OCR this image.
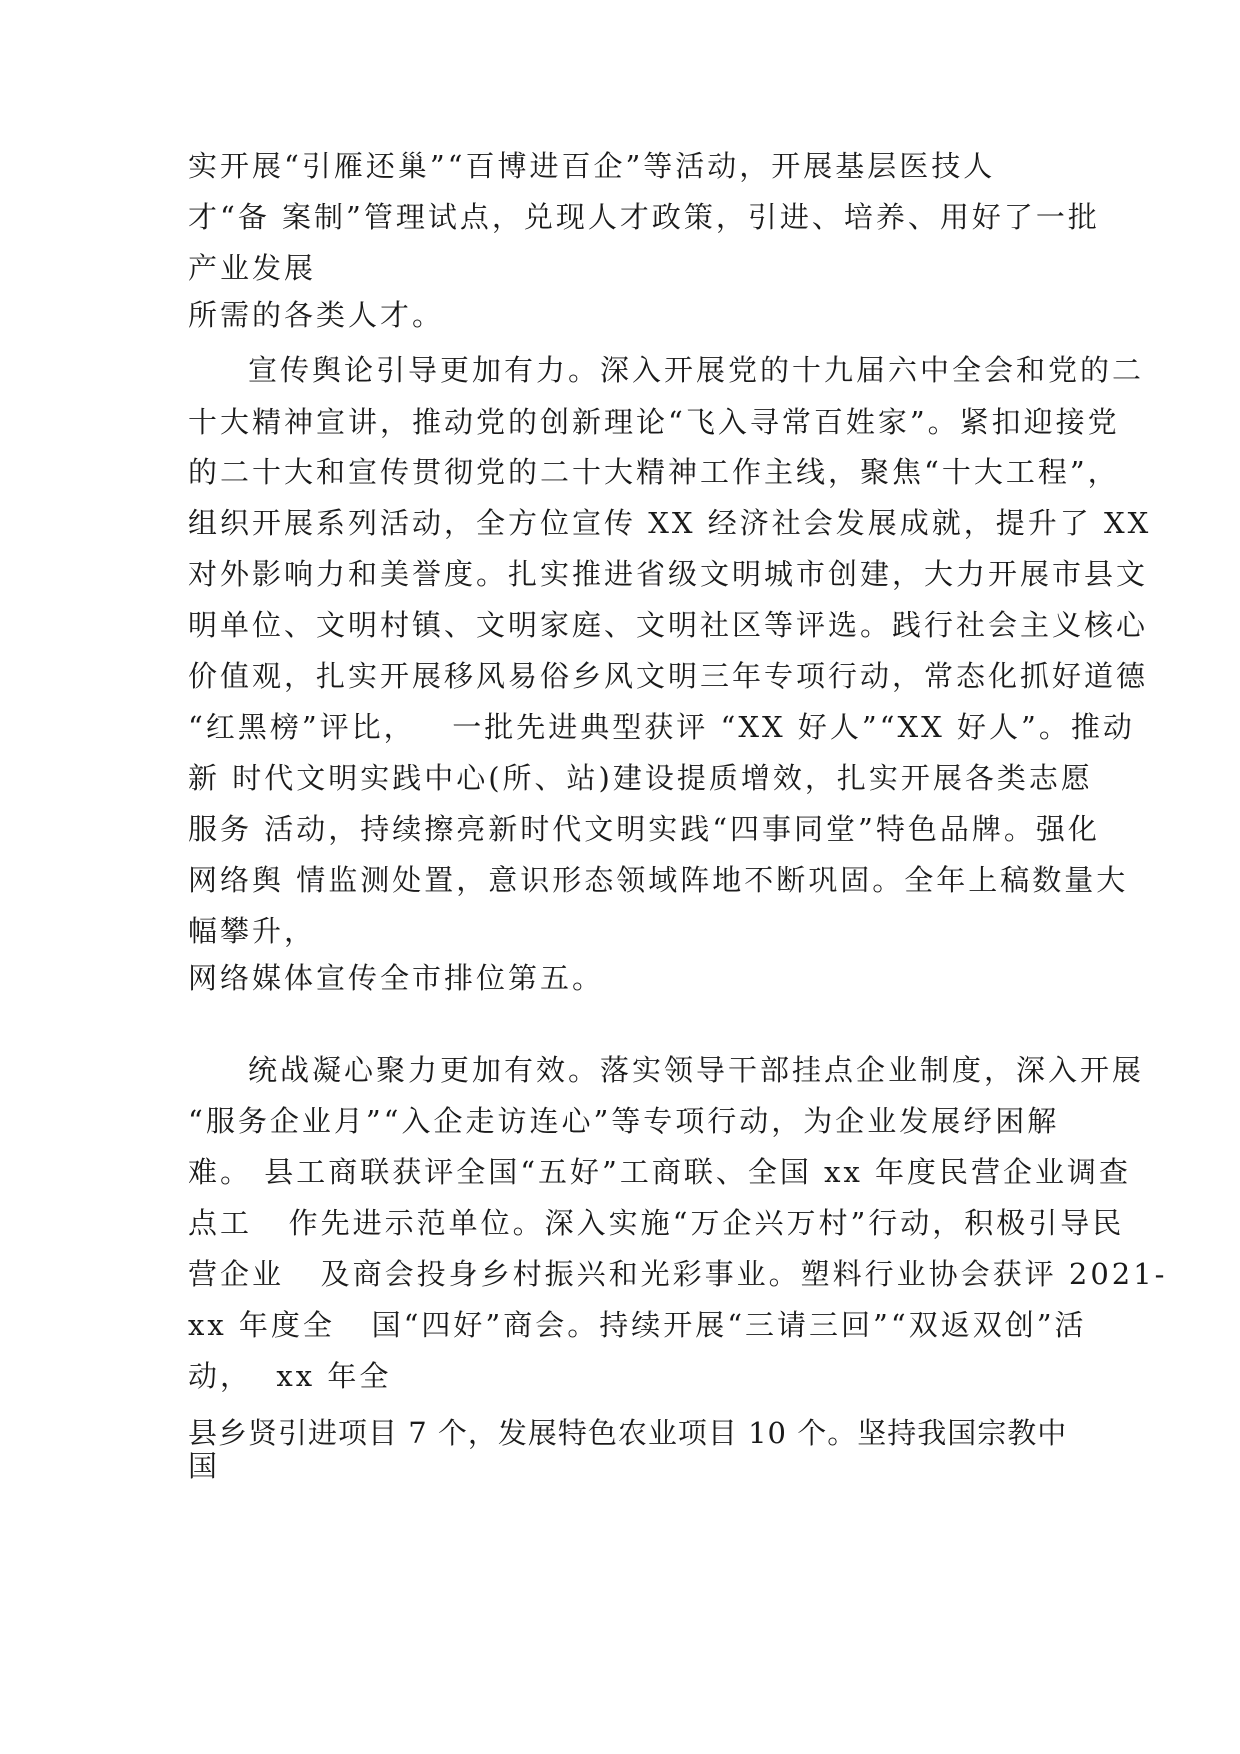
实开展“引雁还巢”“百博进百企”等活动，开展基层医技人
才“备 案制”管理试点，兑现人才政策，引进、培养、用好了一批
产业发展
所需的各类人才。
宣传舆论引导更加有力。深入开展党的十九届六中全会和党的二
十大精神宣讲，推动党的创新理论“飞入寻常百姓家”。紧扣迎接党
的二十大和宣传贯彻党的二十大精神工作主线，聚焦“十大工程”，
组织开展系列活动，全方位宣传 XX 经济社会发展成就，提升了 XX
对外影响力和美誉度。扎实推进省级文明城市创建，大力开展市县文
明单位、文明村镇、文明家庭、文明社区等评选。践行社会主义核心
价值观，扎实开展移风易俗乡风文明三年专项行动，常态化抓好道德
“红黑榜”评比，   一批先进典型获评 “XX 好人”“XX 好人”。推动
新 时代文明实践中心(所、站)建设提质增效，扎实开展各类志愿
服务 活动，持续擦亮新时代文明实践“四事同堂”特色品牌。强化
网络舆 情监测处置，意识形态领域阵地不断巩固。全年上稿数量大
幅攀升，
网络媒体宣传全市排位第五。
统战凝心聚力更加有效。落实领导干部挂点企业制度，深入开展
“服务企业月”“入企走访连心”等专项行动，为企业发展纾困解
难。 县工商联获评全国“五好”工商联、全国 xx 年度民营企业调查
点工   作先进示范单位。深入实施“万企兴万村”行动，积极引导民
营企业   及商会投身乡村振兴和光彩事业。塑料行业协会获评 2021-
xx 年度全   国“四好”商会。持续开展“三请三回”“双返双创”活
动，  xx 年全
县乡贤引进项目 7 个，发展特色农业项目 10 个。坚持我国宗教中
国
